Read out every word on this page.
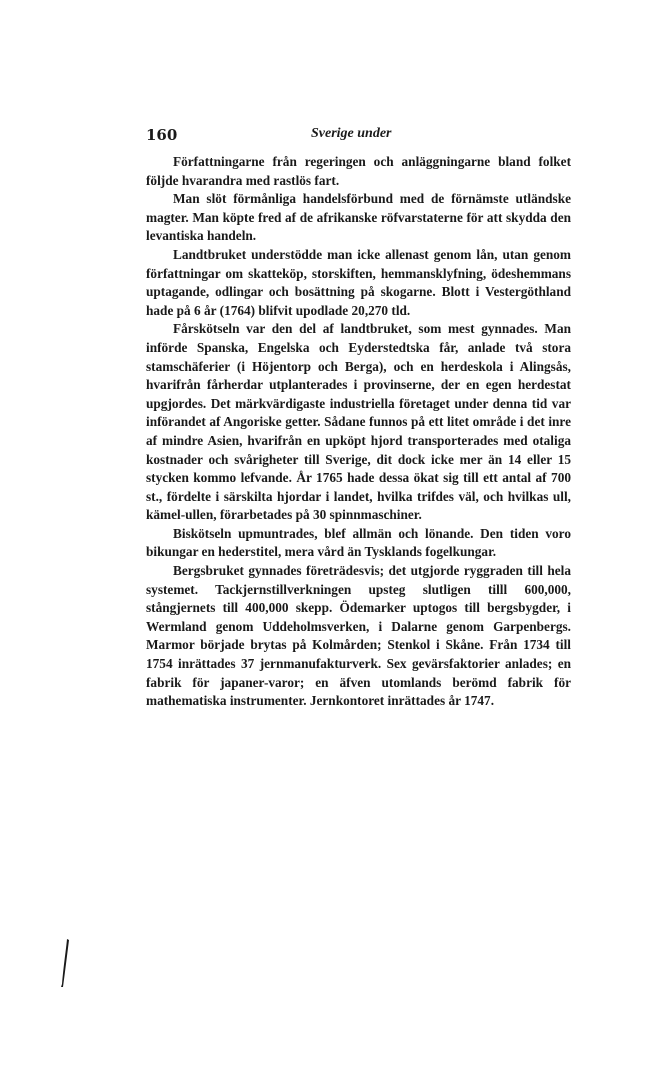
160	Sverige under

Författningarne från regeringen och anläggningarne bland folket följde hvarandra med rastlös fart.

Man slöt förmånliga handelsförbund med de förnämste utländske magter. Man köpte fred af de afrikanske röfvarstaterne för att skydda den levantiska handeln.

Landtbruket understödde man icke allenast genom lån, utan genom författningar om skatteköp, storskiften, hemmansklyfning, ödeshemmans uptagande, odlingar och bosättning på skogarne. Blott i Vestergöthland hade på 6 år (1764) blifvit upodlade 20,270 tld.

Fårskötseln var den del af landtbruket, som mest gynnades. Man införde Spanska, Engelska och Eyderstedtska får, anlade två stora stamschäferier (i Höjentorp och Berga), och en herdeskola i Alingsås, hvarifrån fårherdar utplanterades i provinserne, der en egen herdestat upgjordes. Det märkvärdigaste industriella företaget under denna tid var införandet af Angoriske getter. Sådane funnos på ett litet område i det inre af mindre Asien, hvarifrån en upköpt hjord transporterades med otaliga kostnader och svårigheter till Sverige, dit dock icke mer än 14 eller 15 stycken kommo lefvande. År 1765 hade dessa ökat sig till ett antal af 700 st., fördelte i särskilta hjordar i landet, hvilka trifdes väl, och hvilkas ull, kämel-ullen, förarbetades på 30 spinnmaschiner.

Biskötseln upmuntrades, blef allmän och lönande. Den tiden voro bikungar en hederstitel, mera vård än Tysklands fogelkungar.

Bergsbruket gynnades företrädesvis; det utgjorde ryggraden till hela systemet. Tackjernstillverkningen upsteg slutligen tilll 600,000, stångjernets till 400,000 skepp. Ödemarker uptogos till bergsbygder, i Wermland genom Uddeholmsverken, i Dalarne genom Garpenbergs. Marmor började brytas på Kolmården; Stenkol i Skåne. Från 1734 till 1754 inrättades 37 jernmanufakturverk. Sex gevärsfaktorier anlades; en fabrik för japaner-varor; en äfven utomlands berömd fabrik för mathematiska instrumenter. Jernkontoret inrättades år 1747.
